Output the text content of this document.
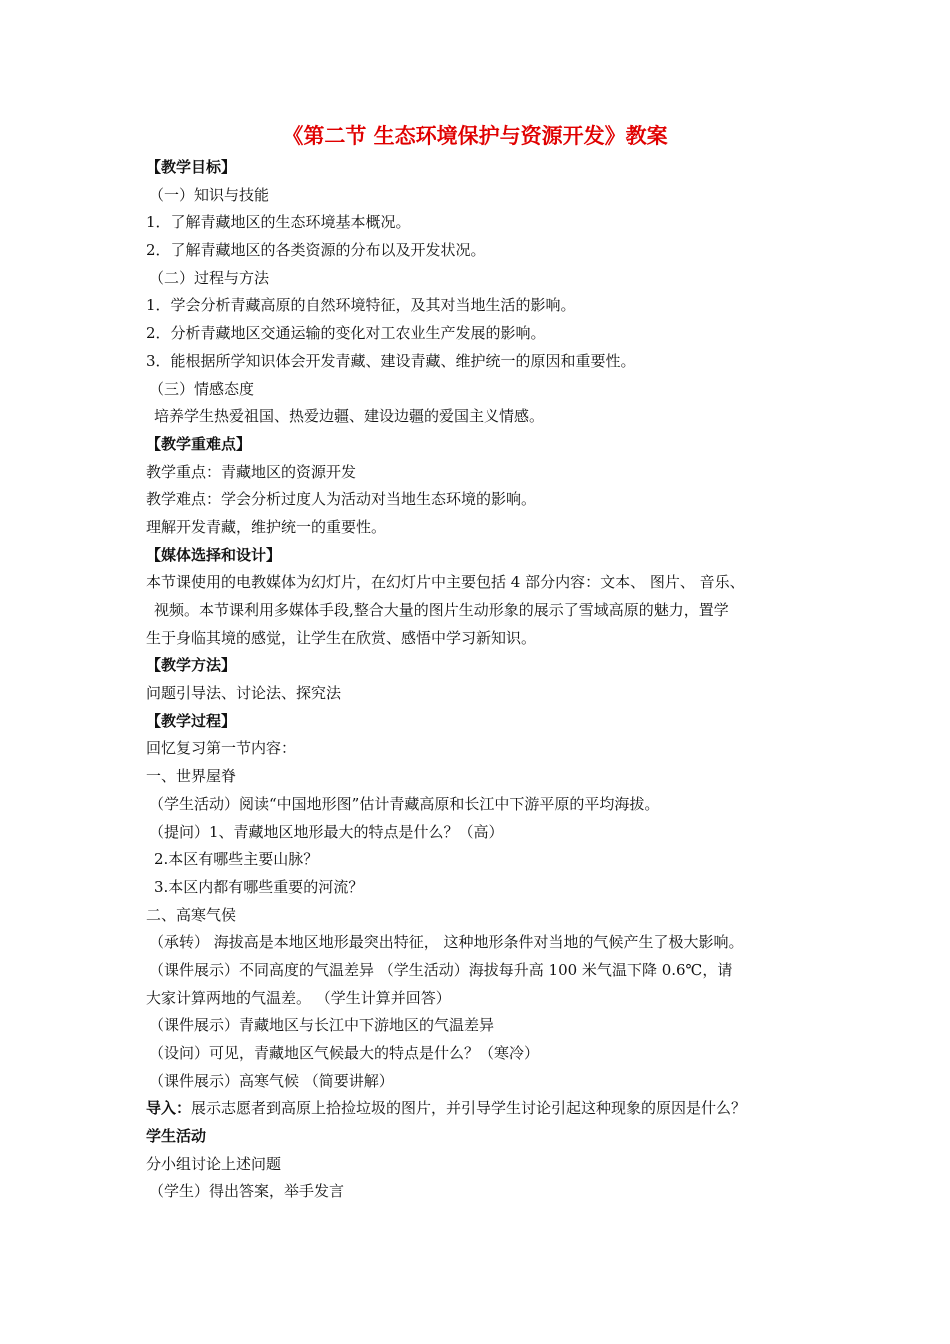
《第二节 生态环境保护与资源开发》教案
【教学目标】
（一）知识与技能
1．了解青藏地区的生态环境基本概况。
2．了解青藏地区的各类资源的分布以及开发状况。
（二）过程与方法
1．学会分析青藏高原的自然环境特征，及其对当地生活的影响。
2．分析青藏地区交通运输的变化对工农业生产发展的影响。
3．能根据所学知识体会开发青藏、建设青藏、维护统一的原因和重要性。
（三）情感态度
培养学生热爱祖国、热爱边疆、建设边疆的爱国主义情感。
【教学重难点】
教学重点：青藏地区的资源开发
教学难点：学会分析过度人为活动对当地生态环境的影响。
理解开发青藏，维护统一的重要性。
【媒体选择和设计】
本节课使用的电教媒体为幻灯片，在幻灯片中主要包括 4 部分内容：文本、 图片、 音乐、
视频。本节课利用多媒体手段,整合大量的图片生动形象的展示了雪域高原的魅力，置学
生于身临其境的感觉，让学生在欣赏、感悟中学习新知识。
【教学方法】
问题引导法、讨论法、探究法
【教学过程】
回忆复习第一节内容：
一、世界屋脊
（学生活动）阅读“中国地形图”估计青藏高原和长江中下游平原的平均海拔。
（提问）1、青藏地区地形最大的特点是什么？（高）
2.本区有哪些主要山脉？
3.本区内都有哪些重要的河流？
二、高寒气侯
（承转） 海拔高是本地区地形最突出特征， 这种地形条件对当地的气候产生了极大影响。
（课件展示）不同高度的气温差异 （学生活动）海拔每升高 100 米气温下降 0.6℃，请
大家计算两地的气温差。 （学生计算并回答）
（课件展示）青藏地区与长江中下游地区的气温差异
（设问）可见，青藏地区气候最大的特点是什么？（寒冷）
（课件展示）高寒气候 （简要讲解）
导入：展示志愿者到高原上拾捡垃圾的图片，并引导学生讨论引起这种现象的原因是什么？
学生活动
分小组讨论上述问题
（学生）得出答案，举手发言
